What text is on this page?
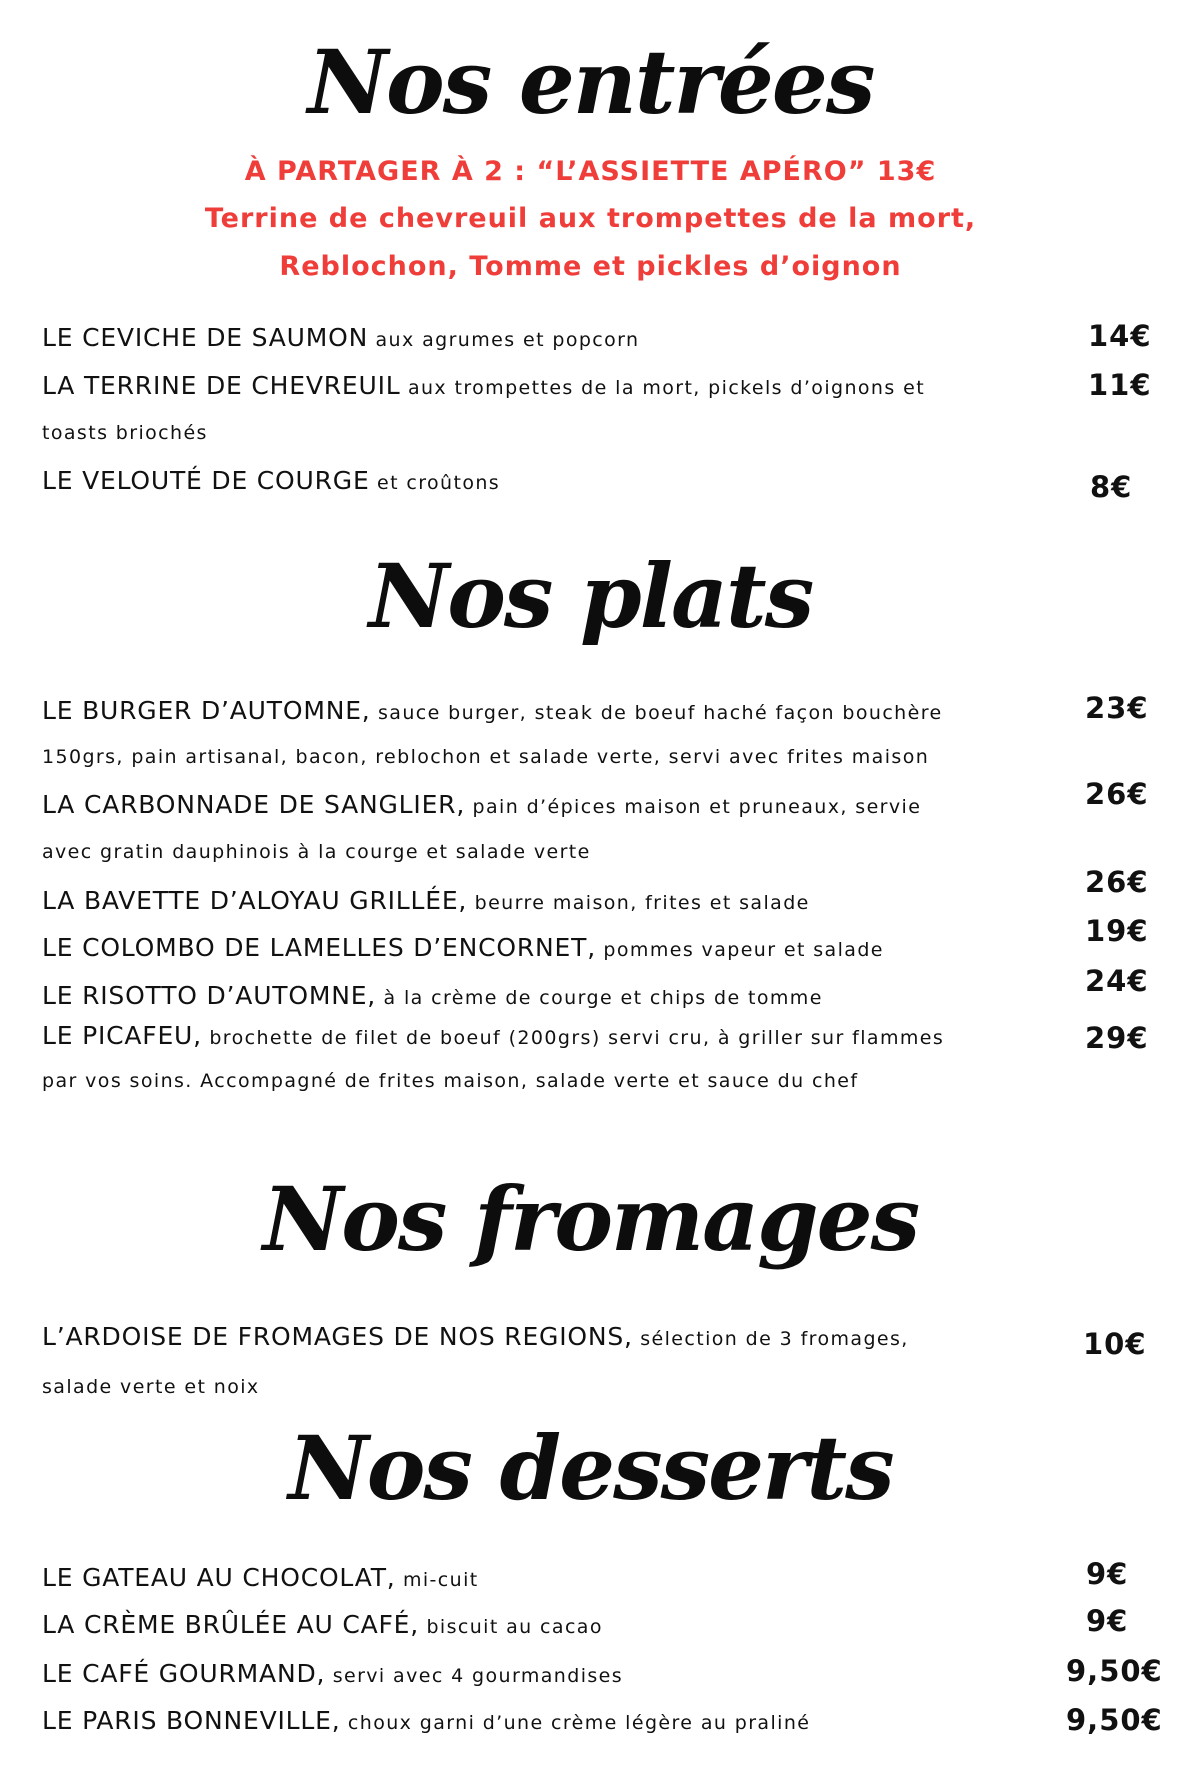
Nos entrées
À PARTAGER À 2 : “L’ASSIETTE APÉRO” 13€
Terrine de chevreuil aux trompettes de la mort,
Reblochon, Tomme et pickles d’oignon
LE CEVICHE DE SAUMON aux agrumes et popcorn	14€
LA TERRINE DE CHEVREUIL aux trompettes de la mort, pickels d’oignons et
toasts briochés
11€
LE VELOUTÉ DE COURGE et croûtons	8€
Nos plats
LE BURGER D’AUTOMNE, sauce burger, steak de boeuf haché façon bouchère
150grs, pain artisanal, bacon, reblochon et salade verte, servi avec frites maison
23€
LA CARBONNADE DE SANGLIER, pain d’épices maison et pruneaux, servie
avec gratin dauphinois à la courge et salade verte
26€
LA BAVETTE D’ALOYAU GRILLÉE, beurre maison, frites et salade
26€
LE COLOMBO DE LAMELLES D’ENCORNET, pommes vapeur et salade
19€
LE RISOTTO D’AUTOMNE, à la crème de courge et chips de tomme	24€
LE PICAFEU, brochette de filet de boeuf (200grs) servi cru, à griller sur flammes
par vos soins. Accompagné de frites maison, salade verte et sauce du chef
29€
Nos fromages
L’ARDOISE DE FROMAGES DE NOS REGIONS, sélection de 3 fromages,
salade verte et noix
10€
Nos desserts
LE GATEAU AU CHOCOLAT, mi-cuit	9€
LA CRÈME BRÛLÉE AU CAFÉ, biscuit au cacao	9€
LE CAFÉ GOURMAND, servi avec 4 gourmandises	9,50€
LE PARIS BONNEVILLE, choux garni d’une crème légère au praliné	9,50€
